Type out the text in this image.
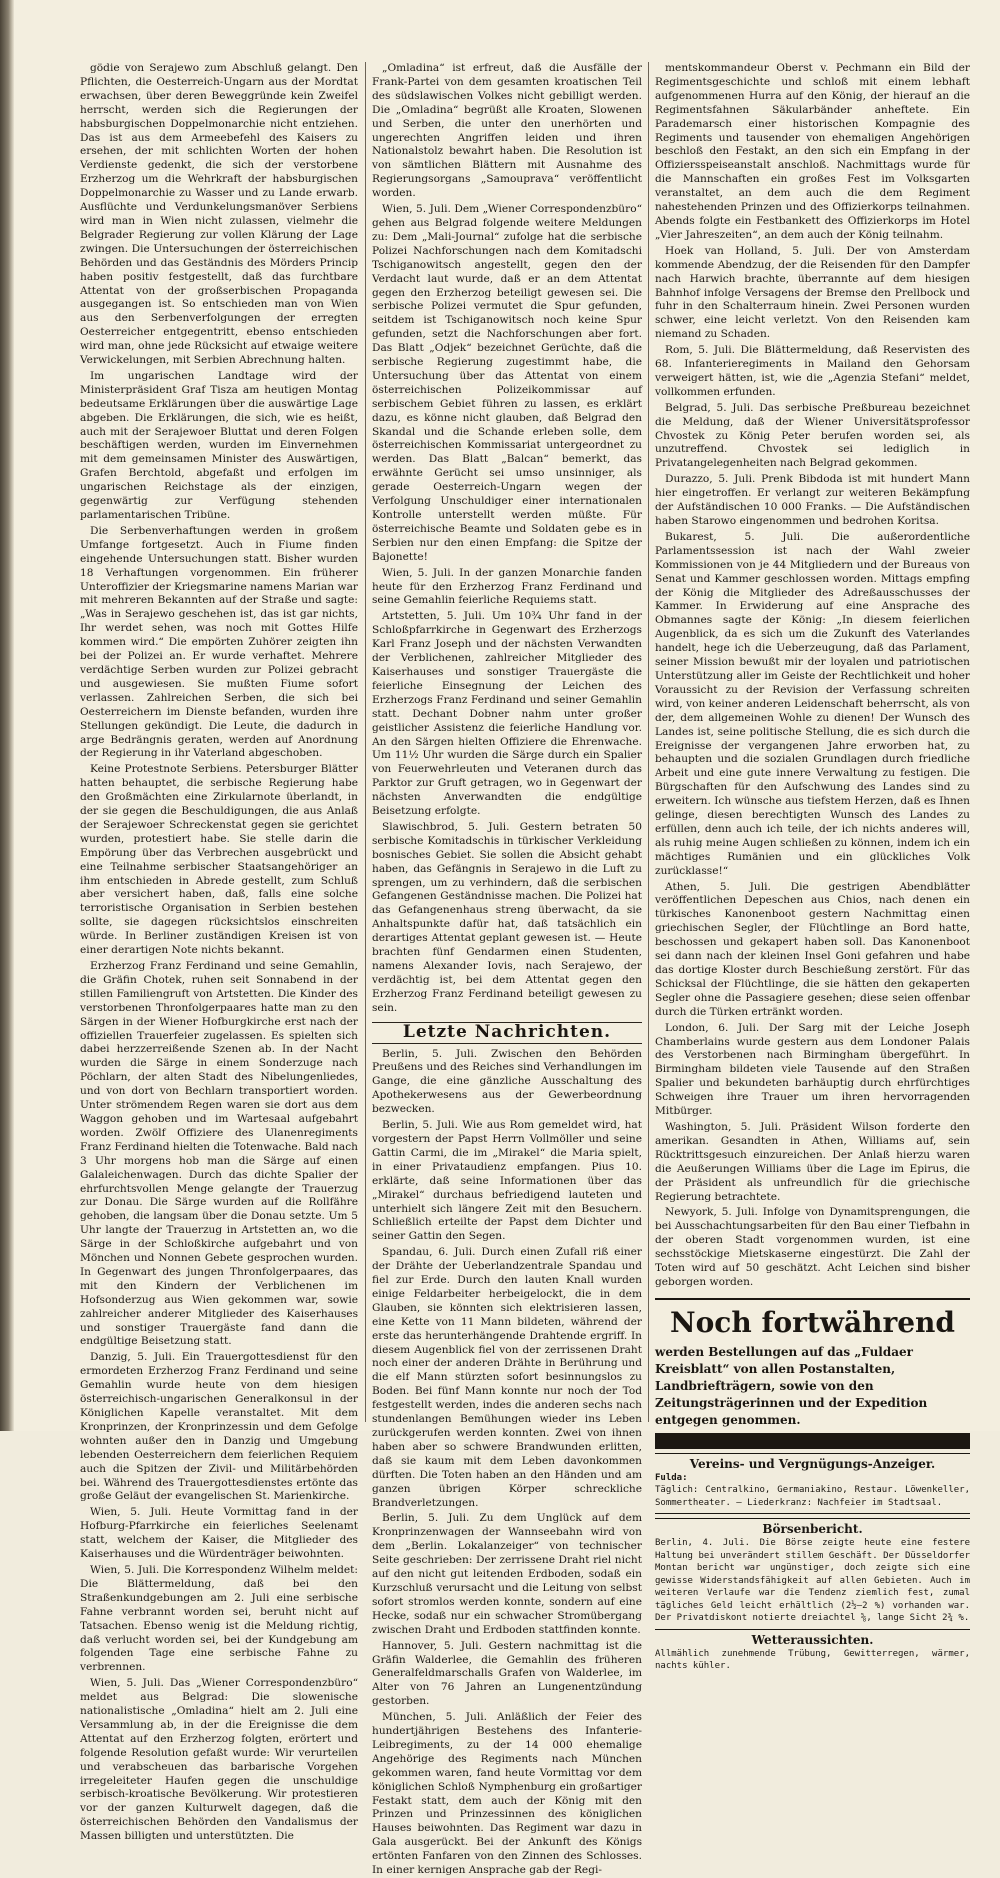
gödie von Serajewo zum Abschluß gelangt. Den Pflichten, die Oesterreich-Ungarn aus der Mordtat erwachsen, über deren Beweggründe kein Zweifel herrscht, werden sich die Regierungen der habsburgischen Doppelmonarchie nicht entziehen. Das ist aus dem Armeebefehl des Kaisers zu ersehen, der mit schlichten Worten der hohen Verdienste gedenkt, die sich der verstorbene Erzherzog um die Wehrkraft der habsburgischen Doppelmonarchie zu Wasser und zu Lande erwarb. Ausflüchte und Verdunkelungsmanöver Serbiens wird man in Wien nicht zulassen, vielmehr die Belgrader Regierung zur vollen Klärung der Lage zwingen. Die Untersuchungen der österreichischen Behörden und das Geständnis des Mörders Princip haben positiv festgestellt, daß das furchtbare Attentat von der großserbischen Propaganda ausgegangen ist. So entschieden man von Wien aus den Serbenverfolgungen der erregten Oesterreicher entgegentritt, ebenso entschieden wird man, ohne jede Rücksicht auf etwaige weitere Verwickelungen, mit Serbien Abrechnung halten.

Im ungarischen Landtage wird der Ministerpräsident Graf Tisza am heutigen Montag bedeutsame Erklärungen über die auswärtige Lage abgeben. Die Erklärungen, die sich, wie es heißt, auch mit der Serajewoer Bluttat und deren Folgen beschäftigen werden, wurden im Einvernehmen mit dem gemeinsamen Minister des Auswärtigen, Grafen Berchtold, abgefaßt und erfolgen im ungarischen Reichstage als der einzigen, gegenwärtig zur Verfügung stehenden parlamentarischen Tribüne.

Die Serbenverhaftungen werden in großem Umfange fortgesetzt. Auch in Fiume finden eingehende Untersuchungen statt. Bisher wurden 18 Verhaftungen vorgenommen. Ein früherer Unteroffizier der Kriegsmarine namens Marian war mit mehreren Bekannten auf der Straße und sagte: „Was in Serajewo geschehen ist, das ist gar nichts, Ihr werdet sehen, was noch mit Gottes Hilfe kommen wird.“ Die empörten Zuhörer zeigten ihn bei der Polizei an. Er wurde verhaftet. Mehrere verdächtige Serben wurden zur Polizei gebracht und ausgewiesen. Sie mußten Fiume sofort verlassen. Zahlreichen Serben, die sich bei Oesterreichern im Dienste befanden, wurden ihre Stellungen gekündigt. Die Leute, die dadurch in arge Bedrängnis geraten, werden auf Anordnung der Regierung in ihr Vaterland abgeschoben.

Keine Protestnote Serbiens. Petersburger Blätter hatten behauptet, die serbische Regierung habe den Großmächten eine Zirkularnote überlandt, in der sie gegen die Beschuldigungen, die aus Anlaß der Serajewoer Schreckenstat gegen sie gerichtet wurden, protestiert habe. Sie stelle darin die Empörung über das Verbrechen ausgebrückt und eine Teilnahme serbischer Staatsangehöriger an ihm entschieden in Abrede gestellt, zum Schluß aber versichert haben, daß, falls eine solche terroristische Organisation in Serbien bestehen sollte, sie dagegen rücksichtslos einschreiten würde. In Berliner zuständigen Kreisen ist von einer derartigen Note nichts bekannt.

Erzherzog Franz Ferdinand und seine Gemahlin, die Gräfin Chotek, ruhen seit Sonnabend in der stillen Familiengruft von Artstetten. Die Kinder des verstorbenen Thronfolgerpaares hatte man zu den Särgen in der Wiener Hofburgkirche erst nach der offiziellen Trauerfeier zugelassen. Es spielten sich dabei herzzerreißende Szenen ab. In der Nacht wurden die Särge in einem Sonderzuge nach Pöchlarn, der alten Stadt des Nibelungenliedes, und von dort von Bechlarn transportiert worden. Unter strömendem Regen waren sie dort aus dem Waggon gehoben und im Wartesaal aufgebahrt worden. Zwölf Offiziere des Ulanenregiments Franz Ferdinand hielten die Totenwache. Bald nach 3 Uhr morgens hob man die Särge auf einen Galaleichenwagen. Durch das dichte Spalier der ehrfurchtsvollen Menge gelangte der Trauerzug zur Donau. Die Särge wurden auf die Rollfähre gehoben, die langsam über die Donau setzte. Um 5 Uhr langte der Trauerzug in Artstetten an, wo die Särge in der Schloßkirche aufgebahrt und von Mönchen und Nonnen Gebete gesprochen wurden. In Gegenwart des jungen Thronfolgerpaares, das mit den Kindern der Verblichenen im Hofsonderzug aus Wien gekommen war, sowie zahlreicher anderer Mitglieder des Kaiserhauses und sonstiger Trauergäste fand dann die endgültige Beisetzung statt.

Danzig, 5. Juli. Ein Trauergottesdienst für den ermordeten Erzherzog Franz Ferdinand und seine Gemahlin wurde heute von dem hiesigen österreichisch-ungarischen Generalkonsul in der Königlichen Kapelle veranstaltet. Mit dem Kronprinzen, der Kronprinzessin und dem Gefolge wohnten außer den in Danzig und Umgebung lebenden Oesterreichern dem feierlichen Requiem auch die Spitzen der Zivil- und Militärbehörden bei. Während des Trauergottesdienstes ertönte das große Geläut der evangelischen St. Marienkirche.

Wien, 5. Juli. Heute Vormittag fand in der Hofburg-Pfarrkirche ein feierliches Seelenamt statt, welchem der Kaiser, die Mitglieder des Kaiserhauses und die Würdenträger beiwohnten.

Wien, 5. Juli. Die Korrespondenz Wilhelm meldet: Die Blättermeldung, daß bei den Straßenkundgebungen am 2. Juli eine serbische Fahne verbrannt worden sei, beruht nicht auf Tatsachen. Ebenso wenig ist die Meldung richtig, daß verlucht worden sei, bei der Kundgebung am folgenden Tage eine serbische Fahne zu verbrennen.

Wien, 5. Juli. Das „Wiener Correspondenzbüro“ meldet aus Belgrad: Die slowenische nationalistische „Omladina“ hielt am 2. Juli eine Versammlung ab, in der die Ereignisse die dem Attentat auf den Erzherzog folgten, erörtert und folgende Resolution gefaßt wurde: Wir verurteilen und verabscheuen das barbarische Vorgehen irregeleiteter Haufen gegen die unschuldige serbisch-kroatische Bevölkerung. Wir protestieren vor der ganzen Kulturwelt dagegen, daß die österreichischen Behörden den Vandalismus der Massen billigten und unterstützten. Die

„Omladina“ ist erfreut, daß die Ausfälle der Frank-Partei von dem gesamten kroatischen Teil des südslawischen Volkes nicht gebilligt werden. Die „Omladina“ begrüßt alle Kroaten, Slowenen und Serben, die unter den unerhörten und ungerechten Angriffen leiden und ihren Nationalstolz bewahrt haben. Die Resolution ist von sämtlichen Blättern mit Ausnahme des Regierungsorgans „Samouprava“ veröffentlicht worden.

Wien, 5. Juli. Dem „Wiener Correspondenzbüro“ gehen aus Belgrad folgende weitere Meldungen zu: Dem „Mali-Journal“ zufolge hat die serbische Polizei Nachforschungen nach dem Komitadschi Tschiganowitsch angestellt, gegen den der Verdacht laut wurde, daß er an dem Attentat gegen den Erzherzog beteiligt gewesen sei. Die serbische Polizei vermutet die Spur gefunden, seitdem ist Tschiganowitsch noch keine Spur gefunden, setzt die Nachforschungen aber fort. Das Blatt „Odjek“ bezeichnet Gerüchte, daß die serbische Regierung zugestimmt habe, die Untersuchung über das Attentat von einem österreichischen Polizeikommissar auf serbischem Gebiet führen zu lassen, es erklärt dazu, es könne nicht glauben, daß Belgrad den Skandal und die Schande erleben solle, dem österreichischen Kommissariat untergeordnet zu werden. Das Blatt „Balcan“ bemerkt, das erwähnte Gerücht sei umso unsinniger, als gerade Oesterreich-Ungarn wegen der Verfolgung Unschuldiger einer internationalen Kontrolle unterstellt werden müßte. Für österreichische Beamte und Soldaten gebe es in Serbien nur den einen Empfang: die Spitze der Bajonette!

Wien, 5. Juli. In der ganzen Monarchie fanden heute für den Erzherzog Franz Ferdinand und seine Gemahlin feierliche Requiems statt.

Artstetten, 5. Juli. Um 10¾ Uhr fand in der Schloßpfarrkirche in Gegenwart des Erzherzogs Karl Franz Joseph und der nächsten Verwandten der Verblichenen, zahlreicher Mitglieder des Kaiserhauses und sonstiger Trauergäste die feierliche Einsegnung der Leichen des Erzherzogs Franz Ferdinand und seiner Gemahlin statt. Dechant Dobner nahm unter großer geistlicher Assistenz die feierliche Handlung vor. An den Särgen hielten Offiziere die Ehrenwache. Um 11½ Uhr wurden die Särge durch ein Spalier von Feuerwehrleuten und Veteranen durch das Parktor zur Gruft getragen, wo in Gegenwart der nächsten Anverwandten die endgültige Beisetzung erfolgte.

Slawischbrod, 5. Juli. Gestern betraten 50 serbische Komitadschis in türkischer Verkleidung bosnisches Gebiet. Sie sollen die Absicht gehabt haben, das Gefängnis in Serajewo in die Luft zu sprengen, um zu verhindern, daß die serbischen Gefangenen Geständnisse machen. Die Polizei hat das Gefangenenhaus streng überwacht, da sie Anhaltspunkte dafür hat, daß tatsächlich ein derartiges Attentat geplant gewesen ist. — Heute brachten fünf Gendarmen einen Studenten, namens Alexander Iovis, nach Serajewo, der verdächtig ist, bei dem Attentat gegen den Erzherzog Franz Ferdinand beteiligt gewesen zu sein.

Letzte Nachrichten.

Berlin, 5. Juli. Zwischen den Behörden Preußens und des Reiches sind Verhandlungen im Gange, die eine gänzliche Ausschaltung des Apothekerwesens aus der Gewerbeordnung bezwecken.

Berlin, 5. Juli. Wie aus Rom gemeldet wird, hat vorgestern der Papst Herrn Vollmöller und seine Gattin Carmi, die im „Mirakel“ die Maria spielt, in einer Privataudienz empfangen. Pius 10. erklärte, daß seine Informationen über das „Mirakel“ durchaus befriedigend lauteten und unterhielt sich längere Zeit mit den Besuchern. Schließlich erteilte der Papst dem Dichter und seiner Gattin den Segen.

Spandau, 6. Juli. Durch einen Zufall riß einer der Drähte der Ueberlandzentrale Spandau und fiel zur Erde. Durch den lauten Knall wurden einige Feldarbeiter herbeigelockt, die in dem Glauben, sie könnten sich elektrisieren lassen, eine Kette von 11 Mann bildeten, während der erste das herunterhängende Drahtende ergriff. In diesem Augenblick fiel von der zerrissenen Draht noch einer der anderen Drähte in Berührung und die elf Mann stürzten sofort besinnungslos zu Boden. Bei fünf Mann konnte nur noch der Tod festgestellt werden, indes die anderen sechs nach stundenlangen Bemühungen wieder ins Leben zurückgerufen werden konnten. Zwei von ihnen haben aber so schwere Brandwunden erlitten, daß sie kaum mit dem Leben davonkommen dürften. Die Toten haben an den Händen und am ganzen übrigen Körper schreckliche Brandverletzungen.

Berlin, 5. Juli. Zu dem Unglück auf dem Kronprinzenwagen der Wannseebahn wird von dem „Berlin. Lokalanzeiger“ von technischer Seite geschrieben: Der zerrissene Draht riel nicht auf den nicht gut leitenden Erdboden, sodaß ein Kurzschluß verursacht und die Leitung von selbst sofort stromlos werden konnte, sondern auf eine Hecke, sodaß nur ein schwacher Stromübergang zwischen Draht und Erdboden stattfinden konnte.

Hannover, 5. Juli. Gestern nachmittag ist die Gräfin Walderlee, die Gemahlin des früheren Generalfeldmarschalls Grafen von Walderlee, im Alter von 76 Jahren an Lungenentzündung gestorben.

München, 5. Juli. Anläßlich der Feier des hundertjährigen Bestehens des Infanterie-Leibregiments, zu der 14 000 ehemalige Angehörige des Regiments nach München gekommen waren, fand heute Vormittag vor dem königlichen Schloß Nymphenburg ein großartiger Festakt statt, dem auch der König mit den Prinzen und Prinzessinnen des königlichen Hauses beiwohnten. Das Regiment war dazu in Gala ausgerückt. Bei der Ankunft des Königs ertönten Fanfaren von den Zinnen des Schlosses. In einer kernigen Ansprache gab der Regi-

mentskommandeur Oberst v. Pechmann ein Bild der Regimentsgeschichte und schloß mit einem lebhaft aufgenommenen Hurra auf den König, der hierauf an die Regimentsfahnen Säkularbänder anheftete. Ein Parademarsch einer historischen Kompagnie des Regiments und tausender von ehemaligen Angehörigen beschloß den Festakt, an den sich ein Empfang in der Offiziersspeiseanstalt anschloß. Nachmittags wurde für die Mannschaften ein großes Fest im Volksgarten veranstaltet, an dem auch die dem Regiment nahestehenden Prinzen und des Offizierkorps teilnahmen. Abends folgte ein Festbankett des Offizierkorps im Hotel „Vier Jahreszeiten“, an dem auch der König teilnahm.

Hoek van Holland, 5. Juli. Der von Amsterdam kommende Abendzug, der die Reisenden für den Dampfer nach Harwich brachte, überrannte auf dem hiesigen Bahnhof infolge Versagens der Bremse den Prellbock und fuhr in den Schalterraum hinein. Zwei Personen wurden schwer, eine leicht verletzt. Von den Reisenden kam niemand zu Schaden.

Rom, 5. Juli. Die Blättermeldung, daß Reservisten des 68. Infanterieregiments in Mailand den Gehorsam verweigert hätten, ist, wie die „Agenzia Stefani“ meldet, vollkommen erfunden.

Belgrad, 5. Juli. Das serbische Preßbureau bezeichnet die Meldung, daß der Wiener Universitätsprofessor Chvostek zu König Peter berufen worden sei, als unzutreffend. Chvostek sei lediglich in Privatangelegenheiten nach Belgrad gekommen.

Durazzo, 5. Juli. Prenk Bibdoda ist mit hundert Mann hier eingetroffen. Er verlangt zur weiteren Bekämpfung der Aufständischen 10 000 Franks. — Die Aufständischen haben Starowo eingenommen und bedrohen Koritsa.

Bukarest, 5. Juli. Die außerordentliche Parlamentssession ist nach der Wahl zweier Kommissionen von je 44 Mitgliedern und der Bureaus von Senat und Kammer geschlossen worden. Mittags empfing der König die Mitglieder des Adreßausschusses der Kammer. In Erwiderung auf eine Ansprache des Obmannes sagte der König: „In diesem feierlichen Augenblick, da es sich um die Zukunft des Vaterlandes handelt, hege ich die Ueberzeugung, daß das Parlament, seiner Mission bewußt mir der loyalen und patriotischen Unterstützung aller im Geiste der Rechtlichkeit und hoher Voraussicht zu der Revision der Verfassung schreiten wird, von keiner anderen Leidenschaft beherrscht, als von der, dem allgemeinen Wohle zu dienen! Der Wunsch des Landes ist, seine politische Stellung, die es sich durch die Ereignisse der vergangenen Jahre erworben hat, zu behaupten und die sozialen Grundlagen durch friedliche Arbeit und eine gute innere Verwaltung zu festigen. Die Bürgschaften für den Aufschwung des Landes sind zu erweitern. Ich wünsche aus tiefstem Herzen, daß es Ihnen gelinge, diesen berechtigten Wunsch des Landes zu erfüllen, denn auch ich teile, der ich nichts anderes will, als ruhig meine Augen schließen zu können, indem ich ein mächtiges Rumänien und ein glückliches Volk zurücklasse!“

Athen, 5. Juli. Die gestrigen Abendblätter veröffentlichen Depeschen aus Chios, nach denen ein türkisches Kanonenboot gestern Nachmittag einen griechischen Segler, der Flüchtlinge an Bord hatte, beschossen und gekapert haben soll. Das Kanonenboot sei dann nach der kleinen Insel Goni gefahren und habe das dortige Kloster durch Beschießung zerstört. Für das Schicksal der Flüchtlinge, die sie hätten den gekaperten Segler ohne die Passagiere gesehen; diese seien offenbar durch die Türken ertränkt worden.

London, 6. Juli. Der Sarg mit der Leiche Joseph Chamberlains wurde gestern aus dem Londoner Palais des Verstorbenen nach Birmingham übergeführt. In Birmingham bildeten viele Tausende auf den Straßen Spalier und bekundeten barhäuptig durch ehrfürchtiges Schweigen ihre Trauer um ihren hervorragenden Mitbürger.

Washington, 5. Juli. Präsident Wilson forderte den amerikan. Gesandten in Athen, Williams auf, sein Rücktrittsgesuch einzureichen. Der Anlaß hierzu waren die Aeußerungen Williams über die Lage im Epirus, die der Präsident als unfreundlich für die griechische Regierung betrachtete.

Newyork, 5. Juli. Infolge von Dynamitsprengungen, die bei Ausschachtungsarbeiten für den Bau einer Tiefbahn in der oberen Stadt vorgenommen wurden, ist eine sechsstöckige Mietskaserne eingestürzt. Die Zahl der Toten wird auf 50 geschätzt. Acht Leichen sind bisher geborgen worden.

Noch fortwährend
werden Bestellungen auf das „Fuldaer Kreisblatt“ von allen Postanstalten, Landbriefträgern, sowie von den Zeitungsträgerinnen und der Expedition entgegen genommen.
Vereins- und Vergnügungs-Anzeiger.
Fulda:
Täglich: Centralkino, Germaniakino, Restaur. Löwenkeller, Sommertheater. — Liederkranz: Nachfeier im Stadtsaal.
Börsenbericht.
Berlin, 4. Juli. Die Börse zeigte heute eine festere Haltung bei unverändert stillem Geschäft. Der Düsseldorfer Montan bericht war ungünstiger, doch zeigte sich eine gewisse Widerstandsfähigkeit auf allen Gebieten. Auch im weiteren Verlaufe war die Tendenz ziemlich fest, zumal tägliches Geld leicht erhältlich (2½–2 %) vorhanden war. Der Privatdiskont notierte dreiachtel ⅝, lange Sicht 2¾ %.
Wetteraussichten.
Allmählich zunehmende Trübung, Gewitterregen, wärmer, nachts kühler.
